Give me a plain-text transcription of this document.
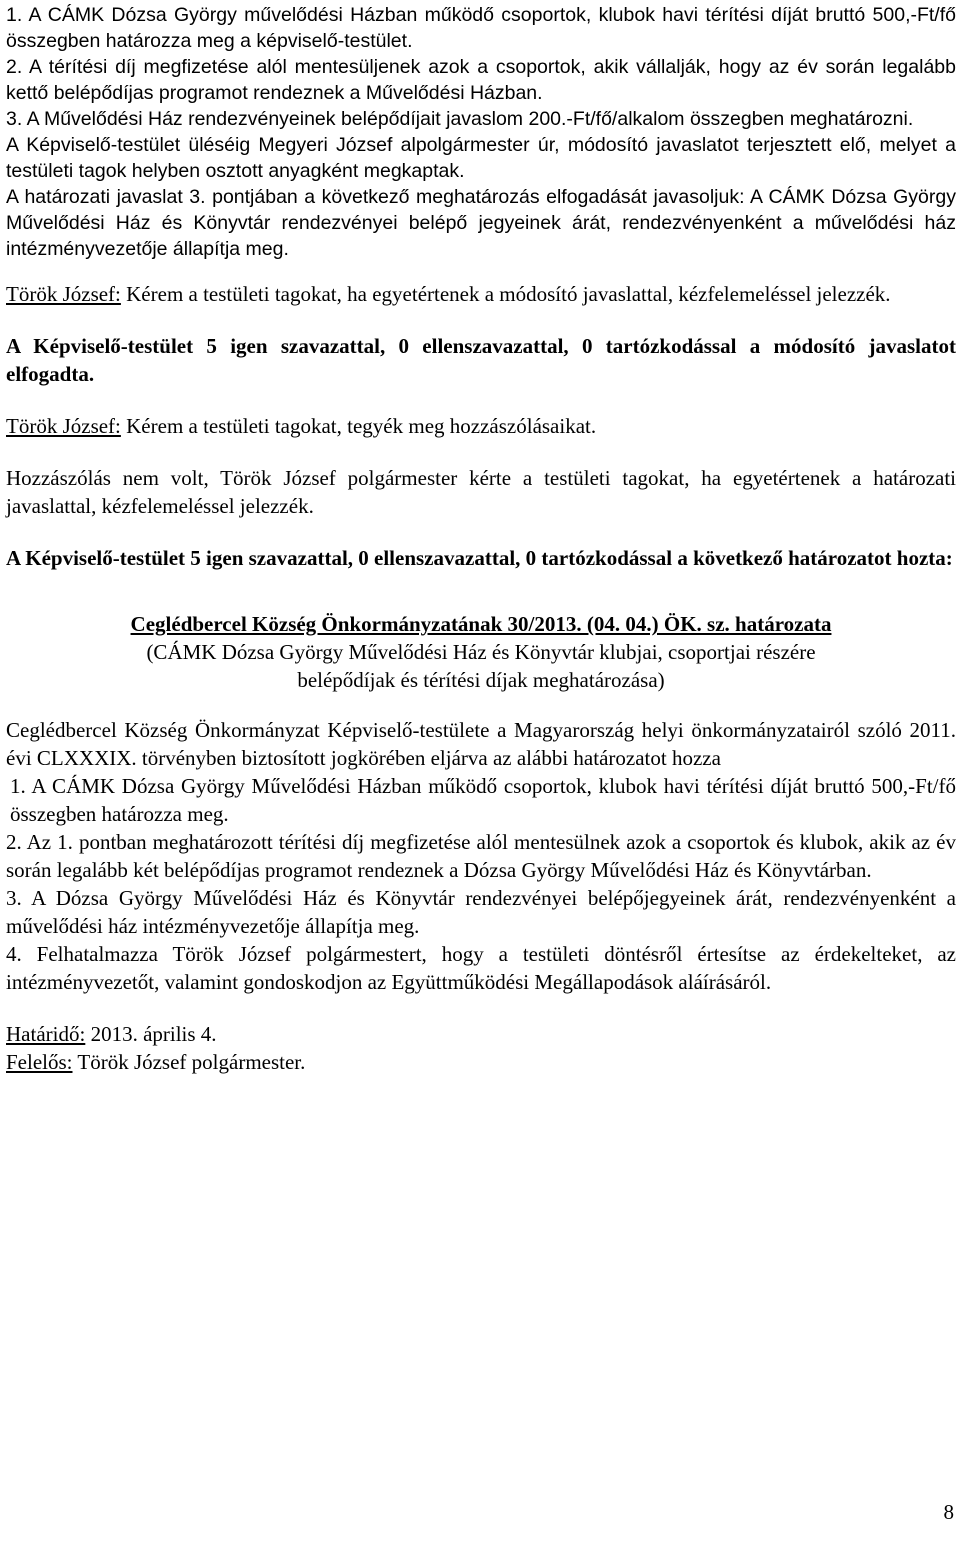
1. A CÁMK Dózsa György művelődési Házban működő csoportok, klubok havi térítési díját bruttó 500,-Ft/fő összegben határozza meg a képviselő-testület.

2. A térítési díj megfizetése alól mentesüljenek azok a csoportok, akik vállalják, hogy az év során legalább kettő belépődíjas programot rendeznek a Művelődési Házban.

3. A Művelődési Ház rendezvényeinek belépődíjait javaslom 200.-Ft/fő/alkalom összegben meghatározni.

A Képviselő-testület üléséig Megyeri József alpolgármester úr, módosító javaslatot terjesztett elő, melyet a testületi tagok helyben osztott anyagként megkaptak.

A határozati javaslat 3. pontjában a következő meghatározás elfogadását javasoljuk: A CÁMK Dózsa György Művelődési Ház és Könyvtár rendezvényei belépő jegyeinek árát, rendezvényenként a művelődési ház intézményvezetője állapítja meg.

Török József: Kérem a testületi tagokat, ha egyetértenek a módosító javaslattal, kézfelemeléssel jelezzék.

A Képviselő-testület 5 igen szavazattal, 0 ellenszavazattal, 0 tartózkodással a módosító javaslatot elfogadta.

Török József: Kérem a testületi tagokat, tegyék meg hozzászólásaikat.

Hozzászólás nem volt, Török József polgármester kérte a testületi tagokat, ha egyetértenek a határozati javaslattal, kézfelemeléssel jelezzék.

A Képviselő-testület 5 igen szavazattal, 0 ellenszavazattal, 0 tartózkodással a következő határozatot hozta:

Ceglédbercel Község Önkormányzatának 30/2013. (04. 04.) ÖK. sz. határozata

(CÁMK Dózsa György Művelődési Ház és Könyvtár klubjai, csoportjai részére

belépődíjak és térítési díjak meghatározása)

Ceglédbercel Község Önkormányzat Képviselő-testülete a Magyarország helyi önkormányzatairól szóló 2011. évi CLXXXIX. törvényben biztosított jogkörében eljárva az alábbi határozatot hozza

1. A CÁMK Dózsa György Művelődési Házban működő csoportok, klubok havi térítési díját bruttó 500,-Ft/fő összegben határozza meg.

2. Az 1. pontban meghatározott térítési díj megfizetése alól mentesülnek azok a csoportok és klubok, akik az év során legalább két belépődíjas programot rendeznek a Dózsa György Művelődési Ház és Könyvtárban.

3. A Dózsa György Művelődési Ház és Könyvtár rendezvényei belépőjegyeinek árát, rendezvényenként a művelődési ház intézményvezetője állapítja meg.

4. Felhatalmazza Török József polgármestert, hogy a testületi döntésről értesítse az érdekelteket, az intézményvezetőt, valamint gondoskodjon az Együttműködési Megállapodások aláírásáról.

Határidő: 2013. április 4.

Felelős: Török József polgármester.

8
